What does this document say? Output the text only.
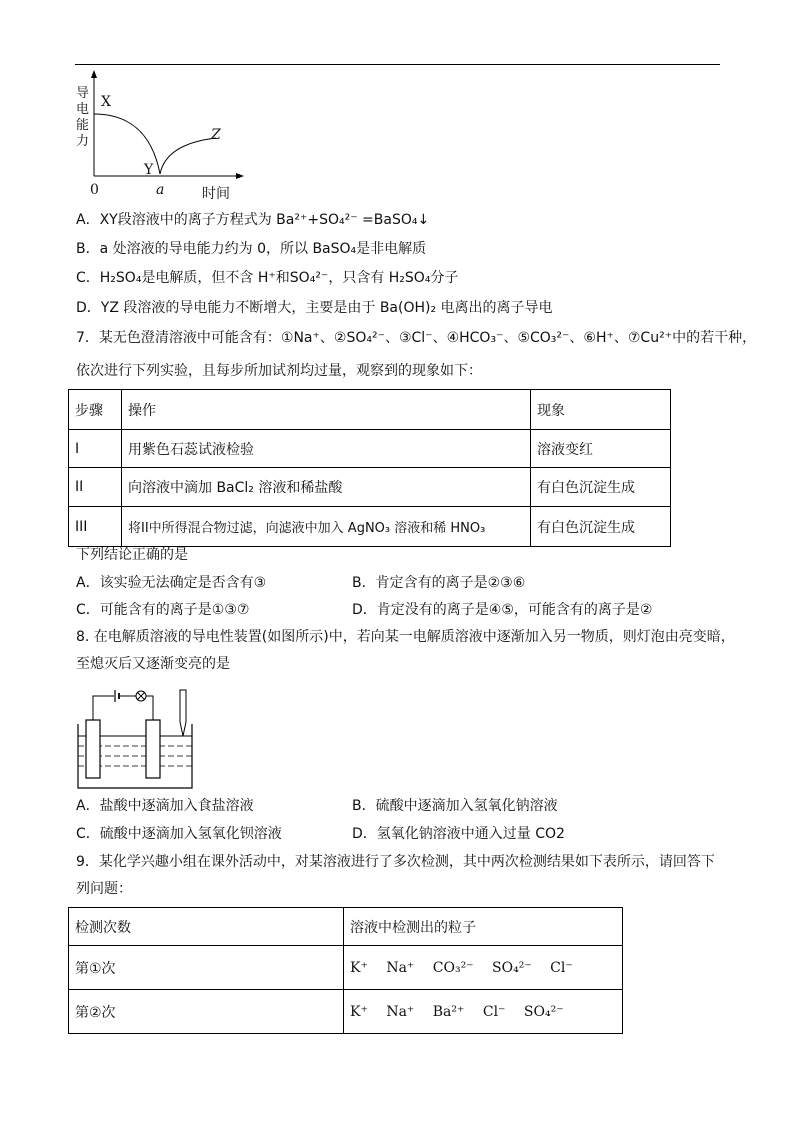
导
电
能
力
X
Y
Z
0	a	时间
A．XY段溶液中的离子方程式为 Ba²⁺+SO₄²⁻ =BaSO₄↓
B．a 处溶液的导电能力约为 0，所以 BaSO₄是非电解质
C．H₂SO₄是电解质，但不含 H⁺和SO₄²⁻，只含有 H₂SO₄分子
D．YZ 段溶液的导电能力不断增大，主要是由于 Ba(OH)₂ 电离出的离子导电
7．某无色澄清溶液中可能含有：①Na⁺、②SO₄²⁻、③Cl⁻、④HCO₃⁻、⑤CO₃²⁻、⑥H⁺、⑦Cu²⁺中的若干种，
依次进行下列实验，且每步所加试剂均过量，观察到的现象如下：
步骤	操作	现象
I	用紫色石蕊试液检验	溶液变红
II	向溶液中滴加 BaCl₂ 溶液和稀盐酸	有白色沉淀生成
III	将II中所得混合物过滤，向滤液中加入 AgNO₃ 溶液和稀 HNO₃	有白色沉淀生成
下列结论正确的是
A．该实验无法确定是否含有③	B．肯定含有的离子是②③⑥
C．可能含有的离子是①③⑦	D．肯定没有的离子是④⑤，可能含有的离子是②
8. 在电解质溶液的导电性装置(如图所示)中，若向某一电解质溶液中逐渐加入另一物质，则灯泡由亮变暗，
至熄灭后又逐渐变亮的是
A．盐酸中逐滴加入食盐溶液	B．硫酸中逐滴加入氢氧化钠溶液
C．硫酸中逐滴加入氢氧化钡溶液	D．氢氧化钠溶液中通入过量 CO2
9．某化学兴趣小组在课外活动中，对某溶液进行了多次检测，其中两次检测结果如下表所示，请回答下
列问题：
检测次数	溶液中检测出的粒子
第①次	K⁺ Na⁺ CO₃²⁻ SO₄²⁻ Cl⁻
第②次	K⁺ Na⁺ Ba²⁺ Cl⁻ SO₄²⁻
